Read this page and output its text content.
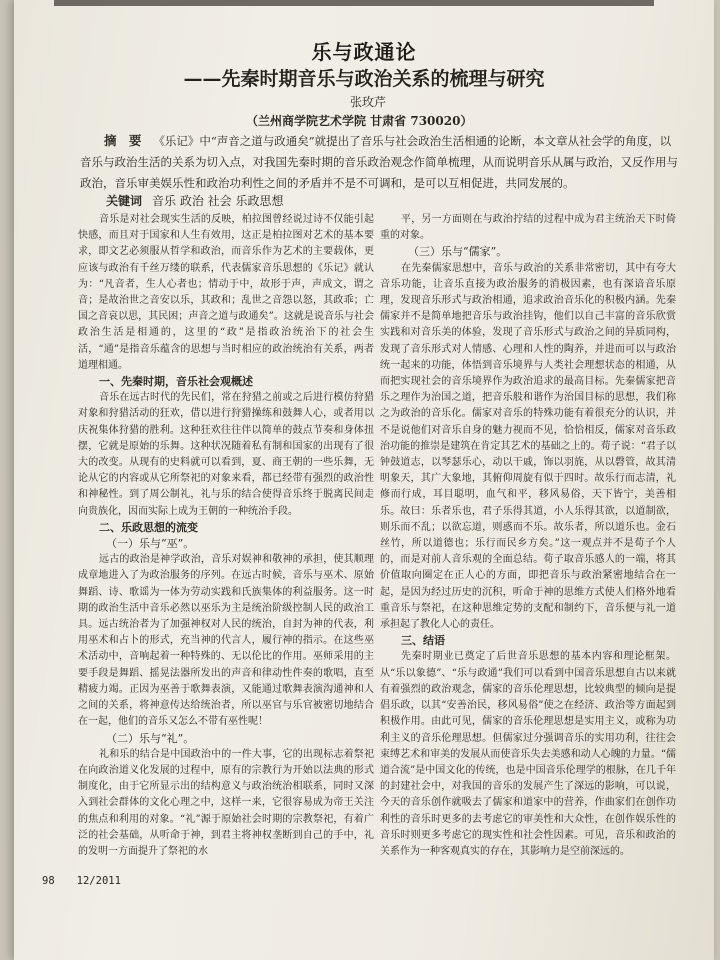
乐与政通论
——先秦时期音乐与政治关系的梳理与研究
张玫芹
（兰州商学院艺术学院 甘肃省 730020）
摘 要 《乐记》中“声音之道与政通矣”就提出了音乐与社会政治生活相通的论断，本文章从社会学的角度，以音乐与政治生活的关系为切入点，对我国先秦时期的音乐政治观念作简单梳理，从而说明音乐从属与政治，又反作用与政治，音乐审美娱乐性和政治功利性之间的矛盾并不是不可调和，是可以互相促进，共同发展的。
关键词 音乐 政治 社会 乐政思想

音乐是对社会现实生活的反映，柏拉图曾经说过诗不仅能引起快感，而且对于国家和人生有效用，这正是柏拉图对艺术的基本要求，即文艺必须服从哲学和政治，而音乐作为艺术的主要载体，更应该与政治有千丝万缕的联系，代表儒家音乐思想的《乐记》就认为：“凡音者，生人心者也；情动于中，故形于声，声成文，谓之音；是故治世之音安以乐，其政和；乱世之音怨以怒，其政乖；亡国之音哀以思，其民困；声音之道与政通矣”。这就是说音乐与社会政治生活是相通的，这里的“政”是指政治统治下的社会生活，“通”是指音乐蕴含的思想与当时相应的政治统治有关系，两者道理相通。

一、先秦时期，音乐社会观概述

音乐在远古时代的先民们，常在狩猎之前或之后进行模仿狩猎对象和狩猎活动的狂欢，借以进行狩猎操练和鼓舞人心，或者用以庆祝集体狩猎的胜利。这种狂欢往往伴以简单的鼓点节奏和身体扭摆，它就是原始的乐舞。这种状况随着私有制和国家的出现有了很大的改变。从现有的史料就可以看到，夏、商王朝的一些乐舞，无论从它的内容或从它所祭祀的对象来看，都已经带有强烈的政治性和神秘性。到了周公制礼，礼与乐的结合使得音乐终于脱离民间走向贵族化，因而实际上成为王朝的一种统治手段。

二、乐政思想的流变

（一）乐与“巫”。

远古的政治是神学政治，音乐对娱神和敬神的承担，使其顺理成章地进入了为政治服务的序列。在远古时候，音乐与巫术、原始舞蹈、诗、歌谣为一体为劳动实践和氏族集体的利益服务。这一时期的政治生活中音乐必然以巫乐为主是统治阶级控制人民的政治工具。远古统治者为了加强神权对人民的统治，自封为神的代表，利用巫术和占卜的形式，充当神的代言人，履行神的指示。在这些巫术活动中，音响起着一种特殊的、无以伦比的作用。巫师采用的主要手段是舞蹈、摇晃法器所发出的声音和律动性件奏的歌唱，直至精疲力竭。正因为巫善于歌舞表演，又能通过歌舞表演沟通神和人之间的关系，将神意传达给统治者，所以巫官与乐官被密切地结合在一起，他们的音乐又怎么不带有巫性呢！

（二）乐与“礼”。

礼和乐的结合是中国政治中的一件大事，它的出现标志着祭祀在向政治道义化发展的过程中，原有的宗教行为开始以法典的形式制度化，由于它所显示出的结构意义与政治统治相联系，同时又深入到社会群体的文化心理之中，这样一来，它很容易成为帝王关注的焦点和利用的对象。“礼”源于原始社会时期的宗教祭祀，有着广泛的社会基础，从听命于神，到君主将神权垄断到自己的手中，礼的发明一方面提升了祭祀的水

平，另一方面则在与政治拧结的过程中成为君主统治天下时倚重的对象。

（三）乐与“儒家”。

在先秦儒家思想中，音乐与政治的关系非常密切，其中有夸大音乐功能，让音乐直接为政治服务的消极因素，也有深谙音乐原理，发现音乐形式与政治相通，追求政治音乐化的积极内涵。先秦儒家并不是简单地把音乐与政治挂钩，他们以自己丰富的音乐欣赏实践和对音乐美的体验，发现了音乐形式与政治之间的异质同构，发现了音乐形式对人情感、心理和人性的陶养，并进而可以与政治统一起来的功能，体悟到音乐境界与人类社会理想状态的相通，从而把实现社会的音乐境界作为政治追求的最高目标。先秦儒家把音乐之理作为治国之道，把音乐般和谐作为治国目标的思想，我们称之为政治的音乐化。儒家对音乐的特殊功能有着很充分的认识，并不是说他们对音乐自身的魅力视而不见，恰恰相反，儒家对音乐政治功能的推崇是建筑在肯定其艺术的基础之上的。荀子说：“君子以钟鼓道志，以琴瑟乐心，动以干戚，饰以羽旄，从以磬管，故其清明象天，其广大象地，其俯仰周旋有似于四时。故乐行而志清，礼修而行成，耳目聪明，血气和平，移风易俗，天下皆宁，美善相乐。故曰：乐者乐也，君子乐得其道，小人乐得其欲，以道制欲，则乐而不乱；以欲忘道，则惑而不乐。故乐者，所以道乐也。金石丝竹，所以道德也；乐行而民乡方矣。”这一观点并不是荀子个人的，而是对前人音乐观的全面总结。荀子取音乐感人的一端，将其价值取向圈定在正人心的方面，即把音乐与政治紧密地结合在一起，是因为经过历史的沉积，听命于神的思维方式使人们格外地看重音乐与祭祀，在这种思维定势的支配和制约下，音乐便与礼一道承担起了教化人心的责任。

三、结语

先秦时期业已奠定了后世音乐思想的基本内容和理论框架。从“乐以象德”、“乐与政通”我们可以看到中国音乐思想自古以来就有着强烈的政治观念，儒家的音乐伦理思想，比较典型的倾向是提倡乐政，以其“安善治民，移风易俗”使之在经济、政治等方面起到积极作用。由此可见，儒家的音乐伦理思想是实用主义，或称为功利主义的音乐伦理思想。但儒家过分强调音乐的实用功利，往往会束缚艺术和审美的发展从而使音乐失去美感和动人心魄的力量。“儒道合流”是中国文化的传统，也是中国音乐伦理学的根脉，在几千年的封建社会中，对我国的音乐的发展产生了深远的影响，可以说，今天的音乐创作就吸去了儒家和道家中的营养，作曲家们在创作功利性的音乐时更多的去考虑它的审美性和大众性，在创作娱乐性的音乐时则更多考虑它的现实性和社会性因素。可见，音乐和政治的关系作为一种客观真实的存在，其影响力是空前深远的。

98 12/2011
